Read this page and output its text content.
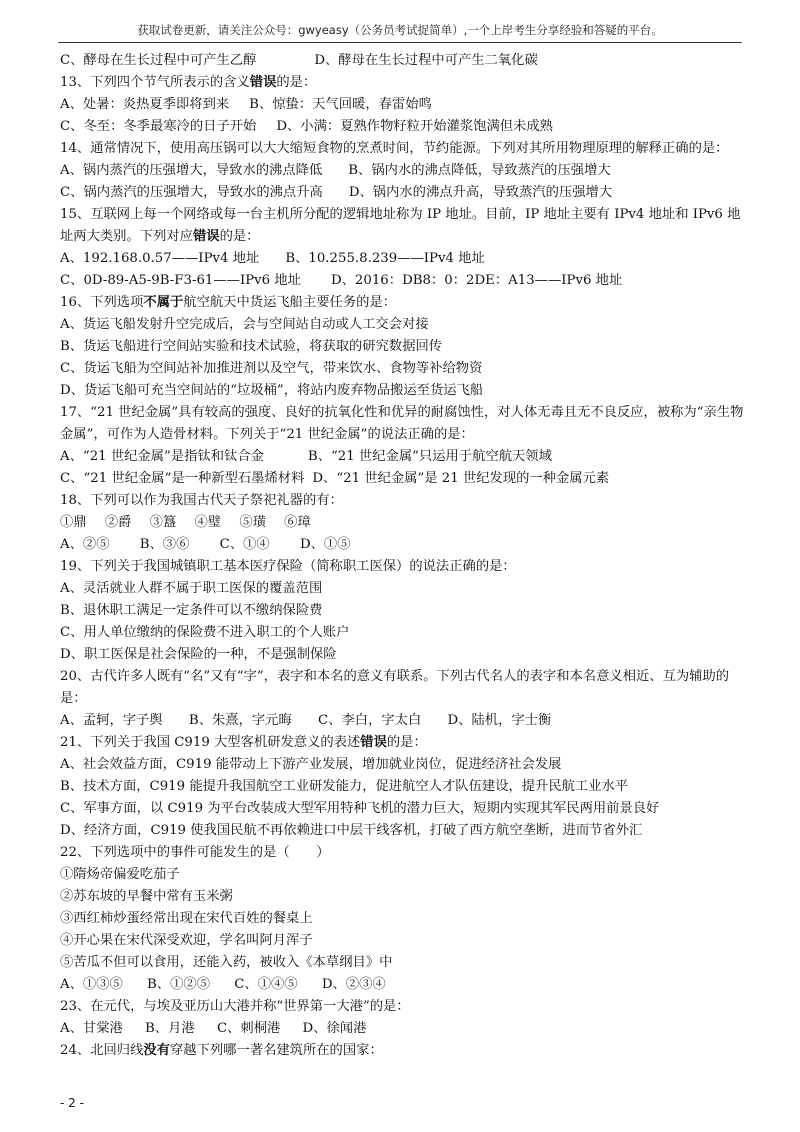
获取试卷更新，请关注公众号：gwyeasy（公务员考试捉简单）,一个上岸考生分享经验和答疑的平台。
C、酵母在生长过程中可产生乙醇	D、酵母在生长过程中可产生二氧化碳
13、下列四个节气所表示的含义错误的是：
A、处暑：炎热夏季即将到来 B、惊蛰：天气回暖，春雷始鸣
C、冬至：冬季最寒冷的日子开始 D、小满：夏熟作物籽粒开始灌浆饱满但未成熟
14、通常情况下，使用高压锅可以大大缩短食物的烹煮时间，节约能源。下列对其所用物理原理的解释正确的是：
A、锅内蒸汽的压强增大，导致水的沸点降低 B、锅内水的沸点降低，导致蒸汽的压强增大
C、锅内蒸汽的压强增大，导致水的沸点升高 D、锅内水的沸点升高，导致蒸汽的压强增大
15、互联网上每一个网络或每一台主机所分配的逻辑地址称为 IP 地址。目前，IP 地址主要有 IPv4 地址和 IPv6 地址两大类别。下列对应错误的是：
A、192.168.0.57——IPv4 地址 B、10.255.8.239——IPv4 地址
C、0D-89-A5-9B-F3-61——IPv6 地址 D、2016：DB8：0：2DE：A13——IPv6 地址
16、下列选项不属于航空航天中货运飞船主要任务的是：
A、货运飞船发射升空完成后，会与空间站自动或人工交会对接
B、货运飞船进行空间站实验和技术试验，将获取的研究数据回传
C、货运飞船为空间站补加推进剂以及空气，带来饮水、食物等补给物资
D、货运飞船可充当空间站的“垃圾桶”，将站内废弃物品搬运至货运飞船
17、“21 世纪金属”具有较高的强度、良好的抗氧化性和优异的耐腐蚀性，对人体无毒且无不良反应，被称为“亲生物金属”，可作为人造骨材料。下列关于“21 世纪金属”的说法正确的是：
A、“21 世纪金属”是指钛和钛合金	B、“21 世纪金属”只运用于航空航天领域
C、“21 世纪金属”是一种新型石墨烯材料 D、“21 世纪金属”是 21 世纪发现的一种金属元素
18、下列可以作为我国古代天子祭祀礼器的有：
①鼎 ②爵 ③簋 ④璧 ⑤璜 ⑥璋
A、②⑤ B、③⑥ C、①④ D、①⑤
19、下列关于我国城镇职工基本医疗保险（简称职工医保）的说法正确的是：
A、灵活就业人群不属于职工医保的覆盖范围
B、退休职工满足一定条件可以不缴纳保险费
C、用人单位缴纳的保险费不进入职工的个人账户
D、职工医保是社会保险的一种，不是强制保险
20、古代许多人既有“名”又有“字”，表字和本名的意义有联系。下列古代名人的表字和本名意义相近、互为辅助的是：
A、孟轲，字子舆 B、朱熹，字元晦 C、李白，字太白 D、陆机，字士衡
21、下列关于我国 C919 大型客机研发意义的表述错误的是：
A、社会效益方面，C919 能带动上下游产业发展，增加就业岗位，促进经济社会发展
B、技术方面，C919 能提升我国航空工业研发能力，促进航空人才队伍建设，提升民航工业水平
C、军事方面，以 C919 为平台改装成大型军用特种飞机的潜力巨大，短期内实现其军民两用前景良好
D、经济方面，C919 使我国民航不再依赖进口中层干线客机，打破了西方航空垄断，进而节省外汇
22、下列选项中的事件可能发生的是（　　）
①隋炀帝偏爱吃茄子
②苏东坡的早餐中常有玉米粥
③西红柿炒蛋经常出现在宋代百姓的餐桌上
④开心果在宋代深受欢迎，学名叫阿月浑子
⑤苦瓜不但可以食用，还能入药，被收入《本草纲目》中
A、①③⑤ B、①②⑤ C、①④⑤ D、②③④
23、在元代，与埃及亚历山大港并称“世界第一大港”的是：
A、甘棠港 B、月港 C、刺桐港 D、徐闻港
24、北回归线没有穿越下列哪一著名建筑所在的国家：
- 2 -
